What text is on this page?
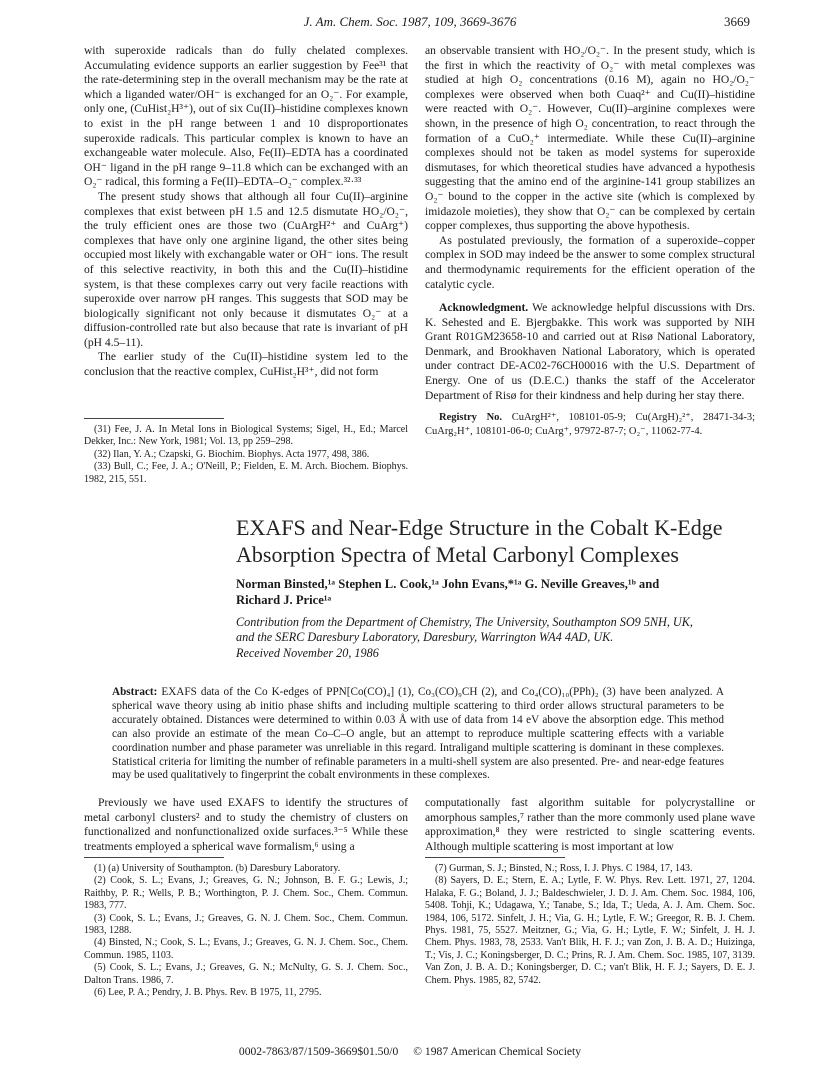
J. Am. Chem. Soc. 1987, 109, 3669-3676	3669

with superoxide radicals than do fully chelated complexes. Accumulating evidence supports an earlier suggestion by Fee³¹ that the rate-determining step in the overall mechanism may be the rate at which a liganded water/OH⁻ is exchanged for an O₂⁻. For example, only one, (CuHist₂H³⁺), out of six Cu(II)–histidine complexes known to exist in the pH range between 1 and 10 disproportionates superoxide radicals. This particular complex is known to have an exchangeable water molecule. Also, Fe(II)–EDTA has a coordinated OH⁻ ligand in the pH range 9–11.8 which can be exchanged with an O₂⁻ radical, this forming a Fe(II)–EDTA–O₂⁻ complex.³²·³³

The present study shows that although all four Cu(II)–arginine complexes that exist between pH 1.5 and 12.5 dismutate HO₂/O₂⁻, the truly efficient ones are those two (CuArgH²⁺ and CuArg⁺) complexes that have only one arginine ligand, the other sites being occupied most likely with exchangable water or OH⁻ ions. The result of this selective reactivity, in both this and the Cu(II)–histidine system, is that these complexes carry out very facile reactions with superoxide over narrow pH ranges. This suggests that SOD may be biologically significant not only because it dismutates O₂⁻ at a diffusion-controlled rate but also because that rate is invariant of pH (pH 4.5–11).

The earlier study of the Cu(II)–histidine system led to the conclusion that the reactive complex, CuHist₂H³⁺, did not form

(31) Fee, J. A. In Metal Ions in Biological Systems; Sigel, H., Ed.; Marcel Dekker, Inc.: New York, 1981; Vol. 13, pp 259–298.
(32) Ilan, Y. A.; Czapski, G. Biochim. Biophys. Acta 1977, 498, 386.
(33) Bull, C.; Fee, J. A.; O'Neill, P.; Fielden, E. M. Arch. Biochem. Biophys. 1982, 215, 551.

an observable transient with HO₂/O₂⁻. In the present study, which is the first in which the reactivity of O₂⁻ with metal complexes was studied at high O₂ concentrations (0.16 M), again no HO₂/O₂⁻ complexes were observed when both Cuaq²⁺ and Cu(II)–histidine were reacted with O₂⁻. However, Cu(II)–arginine complexes were shown, in the presence of high O₂ concentration, to react through the formation of a CuO₂⁺ intermediate. While these Cu(II)–arginine complexes should not be taken as model systems for superoxide dismutases, for which theoretical studies have advanced a hypothesis suggesting that the amino end of the arginine-141 group stabilizes an O₂⁻ bound to the copper in the active site (which is complexed by imidazole moieties), they show that O₂⁻ can be complexed by certain copper complexes, thus supporting the above hypothesis.

As postulated previously, the formation of a superoxide–copper complex in SOD may indeed be the answer to some complex structural and thermodynamic requirements for the efficient operation of the catalytic cycle.

Acknowledgment. We acknowledge helpful discussions with Drs. K. Sehested and E. Bjergbakke. This work was supported by NIH Grant R01GM23658-10 and carried out at Risø National Laboratory, Denmark, and Brookhaven National Laboratory, which is operated under contract DE-AC02-76CH00016 with the U.S. Department of Energy. One of us (D.E.C.) thanks the staff of the Accelerator Department of Risø for their kindness and help during her stay there.

Registry No. CuArgH²⁺, 108101-05-9; Cu(ArgH)₂²⁺, 28471-34-3; CuArg₂H⁺, 108101-06-0; CuArg⁺, 97972-87-7; O₂⁻, 11062-77-4.

EXAFS and Near-Edge Structure in the Cobalt K-Edge
Absorption Spectra of Metal Carbonyl Complexes
Norman Binsted,¹ᵃ Stephen L. Cook,¹ᵃ John Evans,*¹ᵃ G. Neville Greaves,¹ᵇ and
Richard J. Price¹ᵃ
Contribution from the Department of Chemistry, The University, Southampton SO9 5NH, UK,
and the SERC Daresbury Laboratory, Daresbury, Warrington WA4 4AD, UK.
Received November 20, 1986
Abstract: EXAFS data of the Co K-edges of PPN[Co(CO)₄] (1), Co₃(CO)₉CH (2), and Co₄(CO)₁₀(PPh)₂ (3) have been analyzed. A spherical wave theory using ab initio phase shifts and including multiple scattering to third order allows structural parameters to be accurately obtained. Distances were determined to within 0.03 Å with use of data from 14 eV above the absorption edge. This method can also provide an estimate of the mean Co–C–O angle, but an attempt to reproduce multiple scattering effects with a variable coordination number and phase parameter was unreliable in this regard. Intraligand multiple scattering is dominant in these complexes. Statistical criteria for limiting the number of refinable parameters in a multi-shell system are also presented. Pre- and near-edge features may be used qualitatively to fingerprint the cobalt environments in these complexes.

Previously we have used EXAFS to identify the structures of metal carbonyl clusters² and to study the chemistry of clusters on functionalized and nonfunctionalized oxide surfaces.³⁻⁵ While these treatments employed a spherical wave formalism,⁶ using a

computationally fast algorithm suitable for polycrystalline or amorphous samples,⁷ rather than the more commonly used plane wave approximation,⁸ they were restricted to single scattering events. Although multiple scattering is most important at low

(1) (a) University of Southampton. (b) Daresbury Laboratory.
(2) Cook, S. L.; Evans, J.; Greaves, G. N.; Johnson, B. F. G.; Lewis, J.; Raithby, P. R.; Wells, P. B.; Worthington, P. J. Chem. Soc., Chem. Commun. 1983, 777.
(3) Cook, S. L.; Evans, J.; Greaves, G. N. J. Chem. Soc., Chem. Commun. 1983, 1288.
(4) Binsted, N.; Cook, S. L.; Evans, J.; Greaves, G. N. J. Chem. Soc., Chem. Commun. 1985, 1103.
(5) Cook, S. L.; Evans, J.; Greaves, G. N.; McNulty, G. S. J. Chem. Soc., Dalton Trans. 1986, 7.
(6) Lee, P. A.; Pendry, J. B. Phys. Rev. B 1975, 11, 2795.
(7) Gurman, S. J.; Binsted, N.; Ross, I. J. Phys. C 1984, 17, 143.
(8) Sayers, D. E.; Stern, E. A.; Lytle, F. W. Phys. Rev. Lett. 1971, 27, 1204. Halaka, F. G.; Boland, J. J.; Baldeschwieler, J. D. J. Am. Chem. Soc. 1984, 106, 5408. Tohji, K.; Udagawa, Y.; Tanabe, S.; Ida, T.; Ueda, A. J. Am. Chem. Soc. 1984, 106, 5172. Sinfelt, J. H.; Via, G. H.; Lytle, F. W.; Greegor, R. B. J. Chem. Phys. 1981, 75, 5527. Meitzner, G.; Via, G. H.; Lytle, F. W.; Sinfelt, J. H. J. Chem. Phys. 1983, 78, 2533. Van't Blik, H. F. J.; van Zon, J. B. A. D.; Huizinga, T.; Vis, J. C.; Koningsberger, D. C.; Prins, R. J. Am. Chem. Soc. 1985, 107, 3139. Van Zon, J. B. A. D.; Koningsberger, D. C.; van't Blik, H. F. J.; Sayers, D. E. J. Chem. Phys. 1985, 82, 5742.
0002-7863/87/1509-3669$01.50/0 © 1987 American Chemical Society
